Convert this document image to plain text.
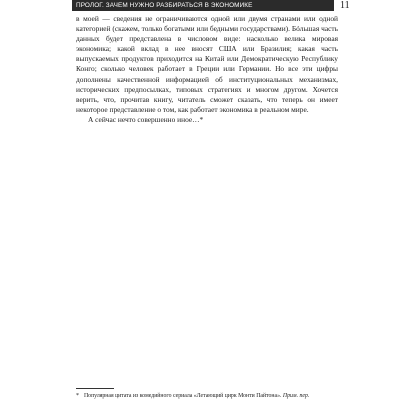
ПРОЛОГ. ЗАЧЕМ НУЖНО РАЗБИРАТЬСЯ В ЭКОНОМИКЕ	11

в моей — сведения не ограничиваются одной или двумя странами или одной категорией (скажем, только богатыми или бедными государствами). Бóльшая часть данных будет представлена в числовом виде: насколько велика мировая экономика; какой вклад в нее вносят США или Бразилия; какая часть выпускаемых продуктов приходится на Китай или Демократическую Республику Конго; сколько человек работает в Греции или Германии. Но все эти цифры дополнены качественной информацией об институциональных механизмах, исторических предпосылках, типовых стратегиях и многом другом. Хочется верить, что, прочитав книгу, читатель сможет сказать, что теперь он имеет некоторое представление о том, как работает экономика в реальном мире.

А сейчас нечто совершенно иное…*

* Популярная цитата из комедийного сериала «Летающий цирк Монти Пайтона». Прим. пер.
